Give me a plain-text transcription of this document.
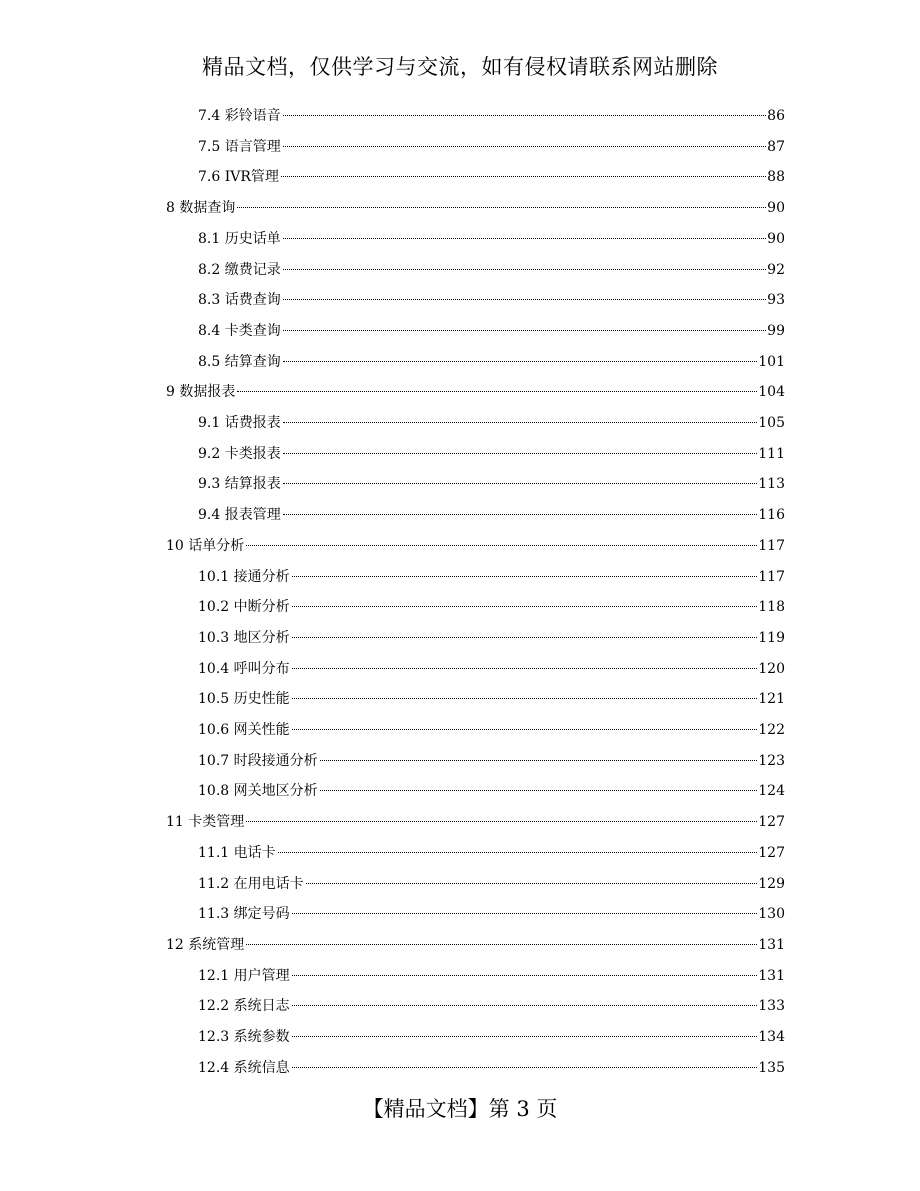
精品文档，仅供学习与交流，如有侵权请联系网站删除
7.4 彩铃语音	86
7.5 语言管理	87
7.6 IVR管理	88
8 数据查询	90
8.1 历史话单	90
8.2 缴费记录	92
8.3 话费查询	93
8.4 卡类查询	99
8.5 结算查询	101
9 数据报表	104
9.1 话费报表	105
9.2 卡类报表	111
9.3 结算报表	113
9.4 报表管理	116
10 话单分析	117
10.1 接通分析	117
10.2 中断分析	118
10.3 地区分析	119
10.4 呼叫分布	120
10.5 历史性能	121
10.6 网关性能	122
10.7 时段接通分析	123
10.8 网关地区分析	124
11 卡类管理	127
11.1 电话卡	127
11.2 在用电话卡	129
11.3 绑定号码	130
12 系统管理	131
12.1 用户管理	131
12.2 系统日志	133
12.3 系统参数	134
12.4 系统信息	135
【精品文档】第 3 页
